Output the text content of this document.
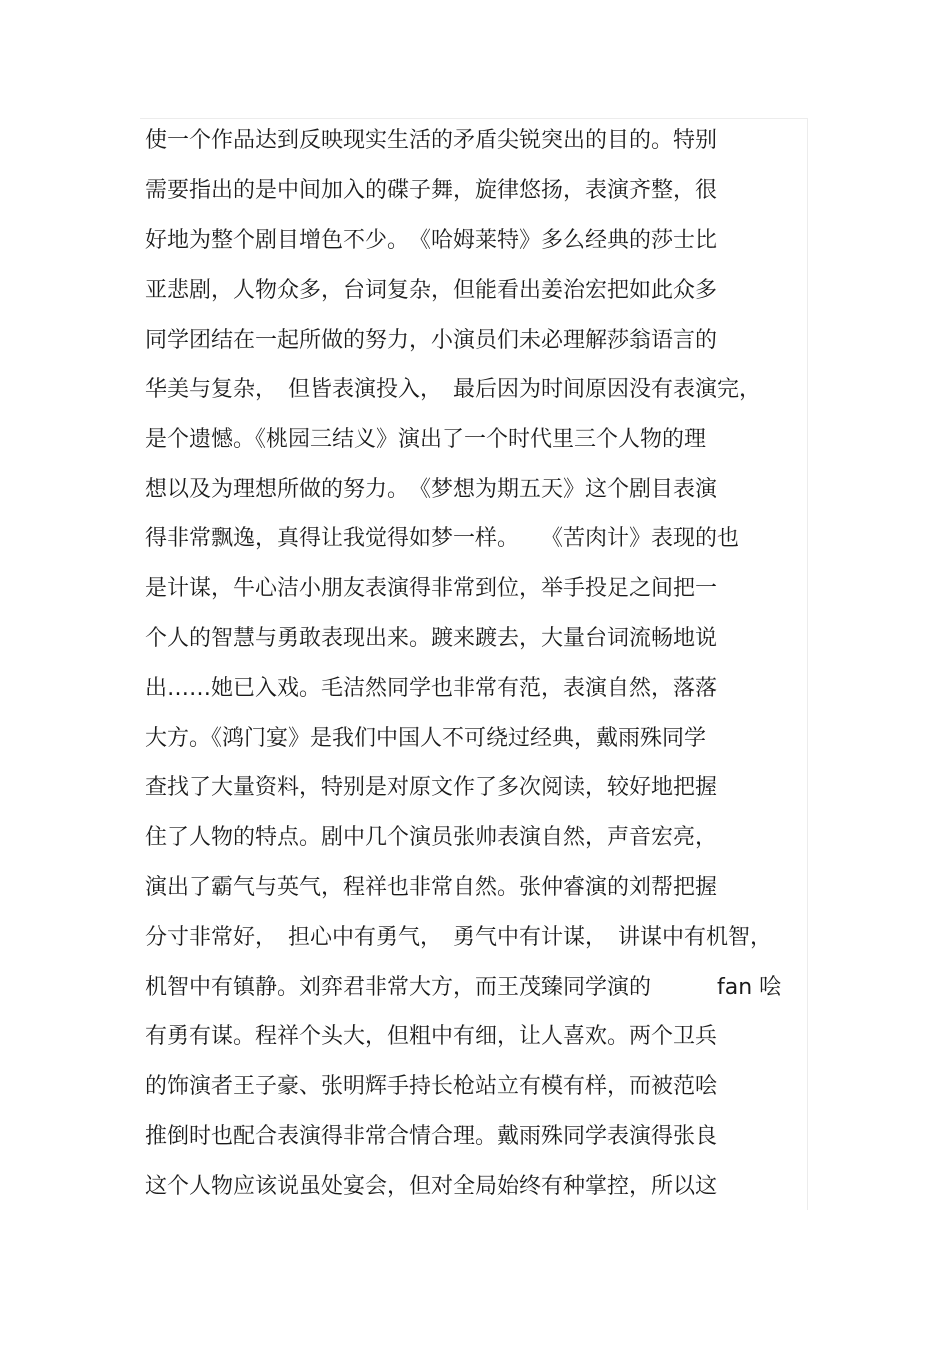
使一个作品达到反映现实生活的矛盾尖锐突出的目的。特别
需要指出的是中间加入的碟子舞，旋律悠扬，表演齐整，很
好地为整个剧目增色不少。　《哈姆莱特》多么经典的莎士比
亚悲剧，人物众多，台词复杂，但能看出姜治宏把如此众多
同学团结在一起所做的努力，小演员们未必理解莎翁语言的
华美与复杂，　但皆表演投入，　最后因为时间原因没有表演完，
是个遗憾。《桃园三结义》演出了一个时代里三个人物的理
想以及为理想所做的努力。　《梦想为期五天》这个剧目表演
得非常飘逸，真得让我觉得如梦一样。　　《苦肉计》表现的也
是计谋，牛心洁小朋友表演得非常到位，举手投足之间把一
个人的智慧与勇敢表现出来。踱来踱去，大量台词流畅地说
出……她已入戏。毛洁然同学也非常有范，表演自然，落落
大方。《鸿门宴》是我们中国人不可绕过经典，戴雨殊同学
查找了大量资料，特别是对原文作了多次阅读，较好地把握
住了人物的特点。剧中几个演员张帅表演自然，声音宏亮，
演出了霸气与英气，程祥也非常自然。张仲睿演的刘帮把握
分寸非常好，　担心中有勇气，　勇气中有计谋，　讲谋中有机智，
机智中有镇静。刘弈君非常大方，而王茂臻同学演的　　　fan 哙
有勇有谋。程祥个头大，但粗中有细，让人喜欢。两个卫兵
的饰演者王子豪、张明辉手持长枪站立有模有样，而被范哙
推倒时也配合表演得非常合情合理。戴雨殊同学表演得张良
这个人物应该说虽处宴会，但对全局始终有种掌控，所以这
